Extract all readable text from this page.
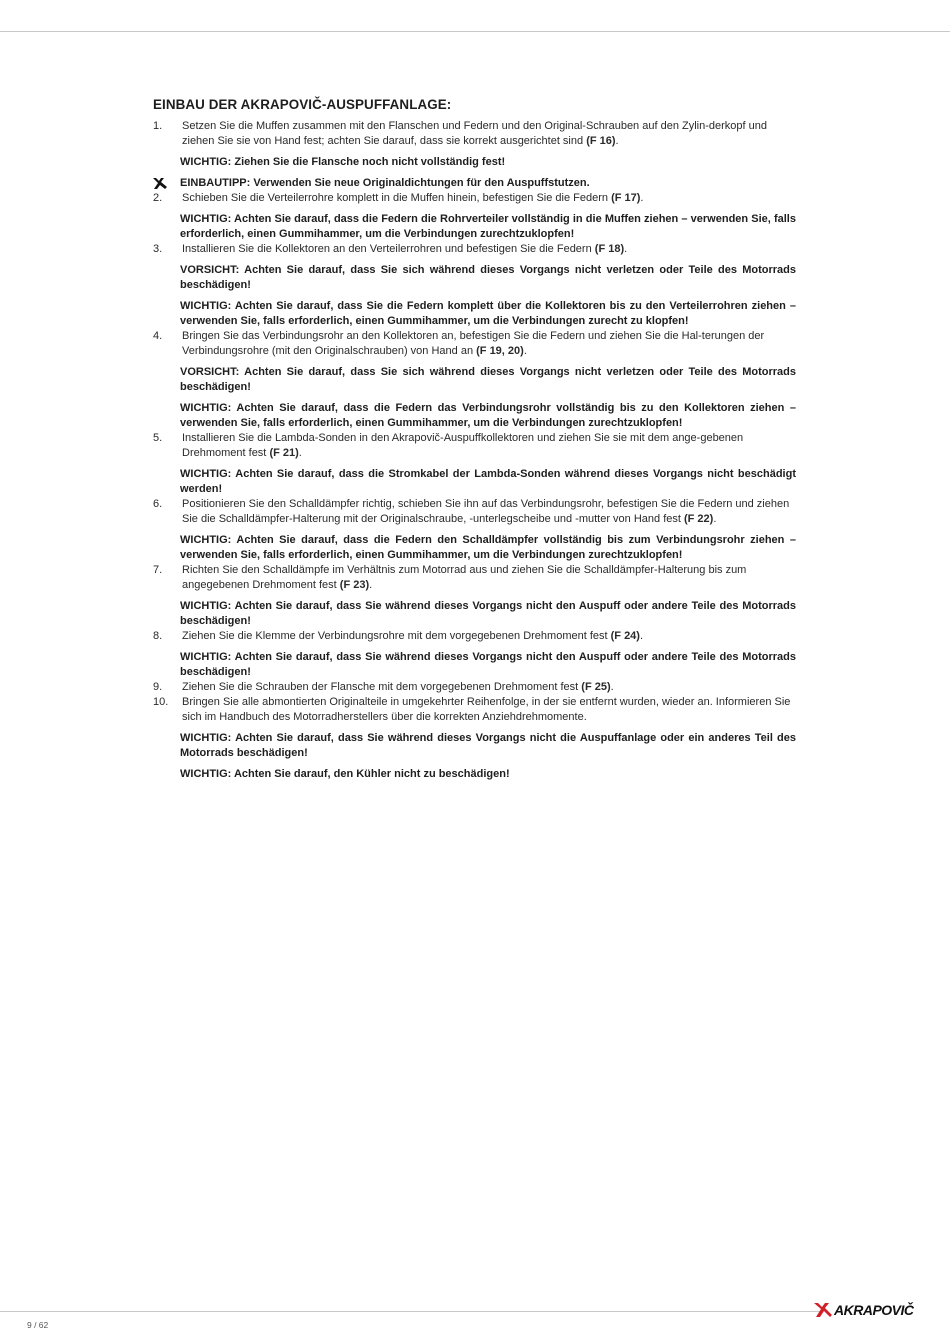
EINBAU DER AKRAPOVIČ-AUSPUFFANLAGE:
1.	Setzen Sie die Muffen zusammen mit den Flanschen und Federn und den Original-Schrauben auf den Zylin-derkopf und ziehen Sie sie von Hand fest; achten Sie darauf, dass sie korrekt ausgerichtet sind (F 16).
WICHTIG: Ziehen Sie die Flansche noch nicht vollständig fest!
EINBAUTIPP: Verwenden Sie neue Originaldichtungen für den Auspuffstutzen.
2.	Schieben Sie die Verteilerrohre komplett in die Muffen hinein, befestigen Sie die Federn (F 17).
WICHTIG: Achten Sie darauf, dass die Federn die Rohrverteiler vollständig in die Muffen ziehen – verwenden Sie, falls erforderlich, einen Gummihammer, um die Verbindungen zurechtzuklopfen!
3.	Installieren Sie die Kollektoren an den Verteilerrohren und befestigen Sie die Federn (F 18).
VORSICHT: Achten Sie darauf, dass Sie sich während dieses Vorgangs nicht verletzen oder Teile des Motorrads beschädigen!
WICHTIG: Achten Sie darauf, dass Sie die Federn komplett über die Kollektoren bis zu den Verteilerrohren ziehen – verwenden Sie, falls erforderlich, einen Gummihammer, um die Verbindungen zurecht zu klopfen!
4.	Bringen Sie das Verbindungsrohr an den Kollektoren an, befestigen Sie die Federn und ziehen Sie die Hal-terungen der Verbindungsrohre (mit den Originalschrauben) von Hand an (F 19, 20).
VORSICHT: Achten Sie darauf, dass Sie sich während dieses Vorgangs nicht verletzen oder Teile des Motorrads beschädigen!
WICHTIG: Achten Sie darauf, dass die Federn das Verbindungsrohr vollständig bis zu den Kollektoren ziehen – verwenden Sie, falls erforderlich, einen Gummihammer, um die Verbindungen zurechtzuklopfen!
5.	Installieren Sie die Lambda-Sonden in den Akrapovič-Auspuffkollektoren und ziehen Sie sie mit dem ange-gebenen Drehmoment fest (F 21).
WICHTIG: Achten Sie darauf, dass die Stromkabel der Lambda-Sonden während dieses Vorgangs nicht beschädigt werden!
6.	Positionieren Sie den Schalldämpfer richtig, schieben Sie ihn auf das Verbindungsrohr, befestigen Sie die Federn und ziehen Sie die Schalldämpfer-Halterung mit der Originalschraube, -unterlegscheibe und -mutter von Hand fest (F 22).
WICHTIG: Achten Sie darauf, dass die Federn den Schalldämpfer vollständig bis zum Verbindungsrohr ziehen – verwenden Sie, falls erforderlich, einen Gummihammer, um die Verbindungen zurechtzuklopfen!
7.	Richten Sie den Schalldämpfe im Verhältnis zum Motorrad aus und ziehen Sie die Schalldämpfer-Halterung bis zum angegebenen Drehmoment fest (F 23).
WICHTIG: Achten Sie darauf, dass Sie während dieses Vorgangs nicht den Auspuff oder andere Teile des Motorrads beschädigen!
8.	Ziehen Sie die Klemme der Verbindungsrohre mit dem vorgegebenen Drehmoment fest (F 24).
WICHTIG: Achten Sie darauf, dass Sie während dieses Vorgangs nicht den Auspuff oder andere Teile des Motorrads beschädigen!
9.	Ziehen Sie die Schrauben der Flansche mit dem vorgegebenen Drehmoment fest (F 25).
10.	Bringen Sie alle abmontierten Originalteile in umgekehrter Reihenfolge, in der sie entfernt wurden, wieder an. Informieren Sie sich im Handbuch des Motorradherstellers über die korrekten Anziehdrehmomente.
WICHTIG: Achten Sie darauf, dass Sie während dieses Vorgangs nicht die Auspuffanlage oder ein anderes Teil des Motorrads beschädigen!
WICHTIG: Achten Sie darauf, den Kühler nicht zu beschädigen!
9 / 62
AKRAPOVIČ
